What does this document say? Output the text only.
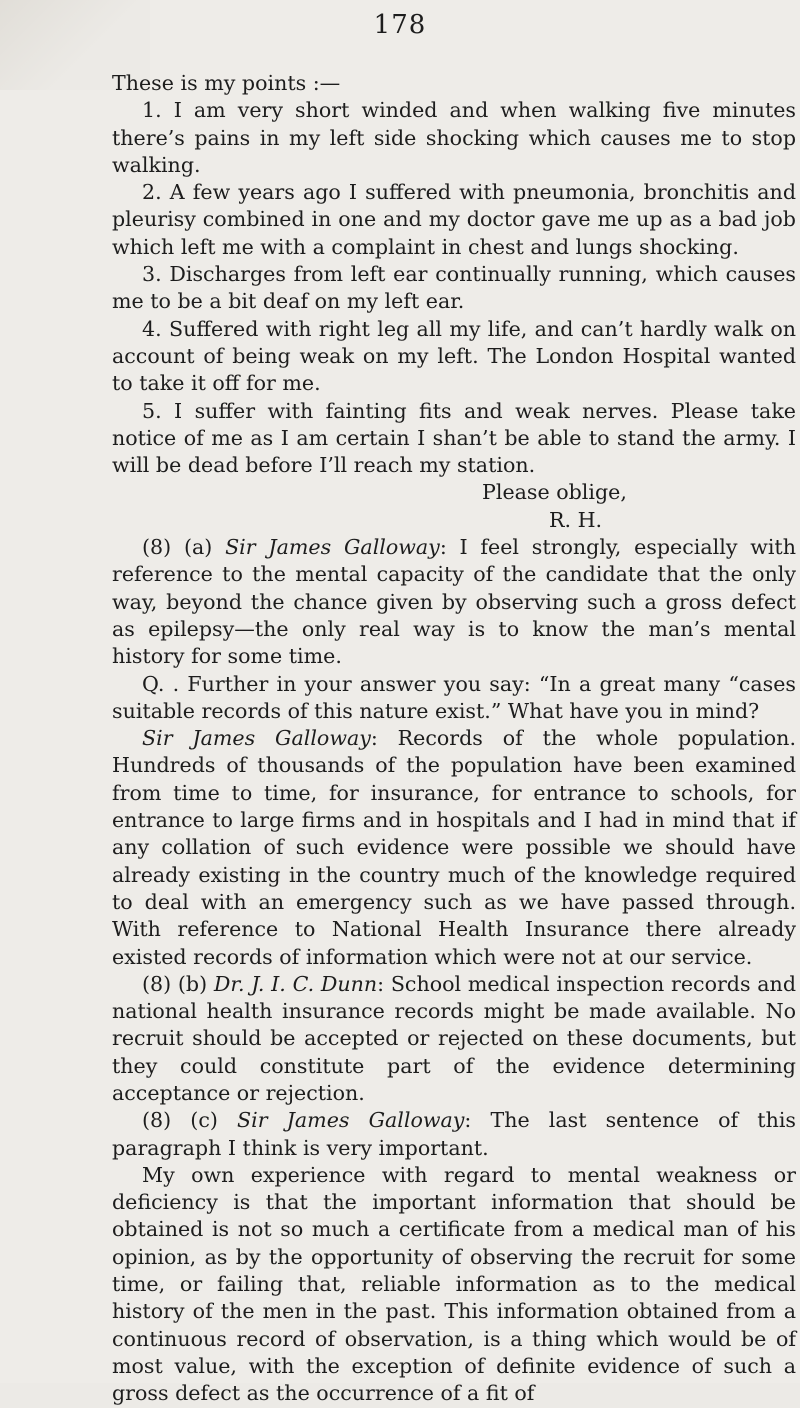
178

These is my points :—

1. I am very short winded and when walking five minutes there’s pains in my left side shocking which causes me to stop walking.

2. A few years ago I suffered with pneumonia, bronchitis and pleurisy combined in one and my doctor gave me up as a bad job which left me with a complaint in chest and lungs shocking.

3. Discharges from left ear continually running, which causes me to be a bit deaf on my left ear.

4. Suffered with right leg all my life, and can’t hardly walk on account of being weak on my left. The London Hospital wanted to take it off for me.

5. I suffer with fainting fits and weak nerves. Please take notice of me as I am certain I shan’t be able to stand the army. I will be dead before I’ll reach my station.

Please oblige,

R. H.

(8) (a) Sir James Galloway: I feel strongly, especially with reference to the mental capacity of the candidate that the only way, beyond the chance given by observing such a gross defect as epilepsy—the only real way is to know the man’s mental history for some time.

Q. . Further in your answer you say: “In a great many “cases suitable records of this nature exist.” What have you in mind?

Sir James Galloway: Records of the whole population. Hundreds of thousands of the population have been examined from time to time, for insurance, for entrance to schools, for entrance to large firms and in hospitals and I had in mind that if any collation of such evidence were possible we should have already existing in the country much of the knowledge required to deal with an emergency such as we have passed through. With reference to National Health Insurance there already existed records of information which were not at our service.

(8) (b) Dr. J. I. C. Dunn: School medical inspection records and national health insurance records might be made available. No recruit should be accepted or rejected on these documents, but they could constitute part of the evidence determining acceptance or rejection.

(8) (c) Sir James Galloway: The last sentence of this paragraph I think is very important.

My own experience with regard to mental weakness or deficiency is that the important information that should be obtained is not so much a certificate from a medical man of his opinion, as by the opportunity of observing the recruit for some time, or failing that, reliable information as to the medical history of the men in the past. This information obtained from a continuous record of observation, is a thing which would be of most value, with the exception of definite evidence of such a gross defect as the occurrence of a fit of
